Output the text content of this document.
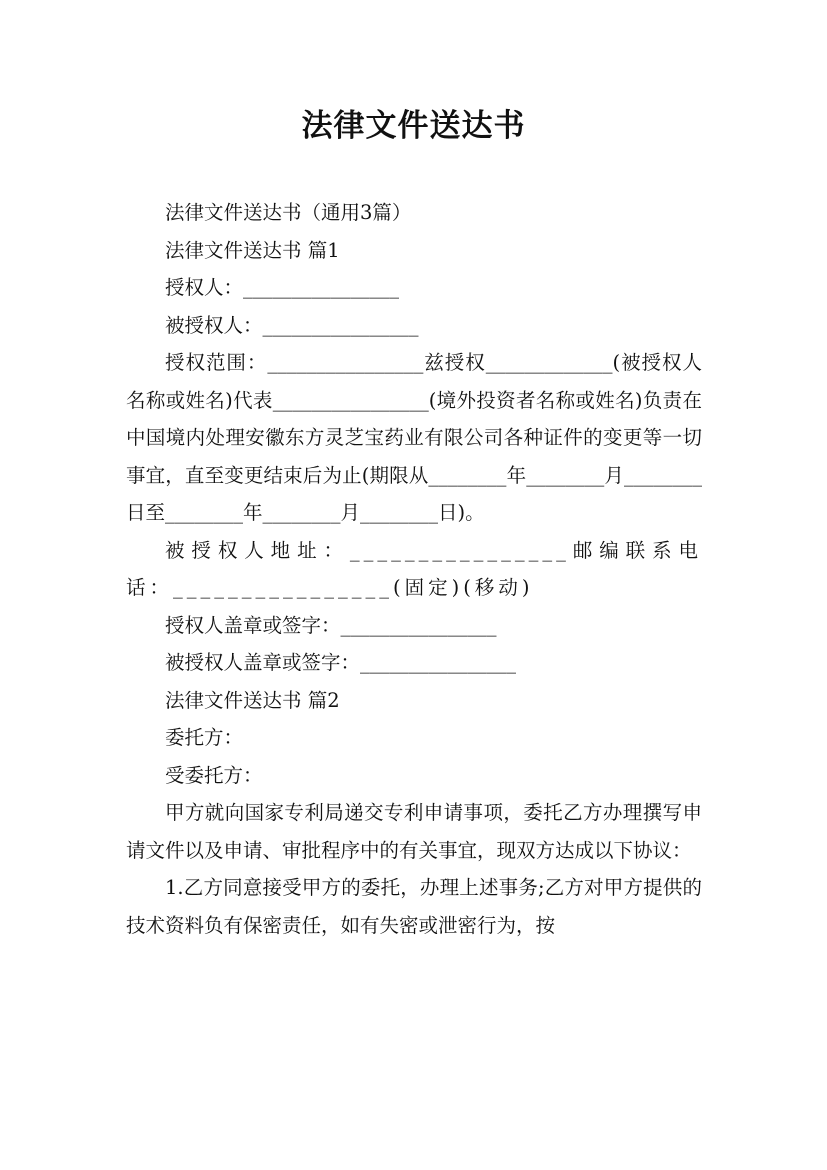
法律文件送达书

法律文件送达书（通用3篇）

法律文件送达书 篇1

授权人：________________

被授权人：________________

授权范围：________________兹授权_____________(被授权人名称或姓名)代表________________(境外投资者名称或姓名)负责在中国境内处理安徽东方灵芝宝药业有限公司各种证件的变更等一切事宜，直至变更结束后为止(期限从________年________月________日至________年________月________日)。

被授权人地址：________________邮编联系电话：________________(固定)(移动)

授权人盖章或签字：________________

被授权人盖章或签字：________________

法律文件送达书 篇2

委托方：

受委托方：

甲方就向国家专利局递交专利申请事项，委托乙方办理撰写申请文件以及申请、审批程序中的有关事宜，现双方达成以下协议：

1.乙方同意接受甲方的委托，办理上述事务;乙方对甲方提供的技术资料负有保密责任，如有失密或泄密行为，按
